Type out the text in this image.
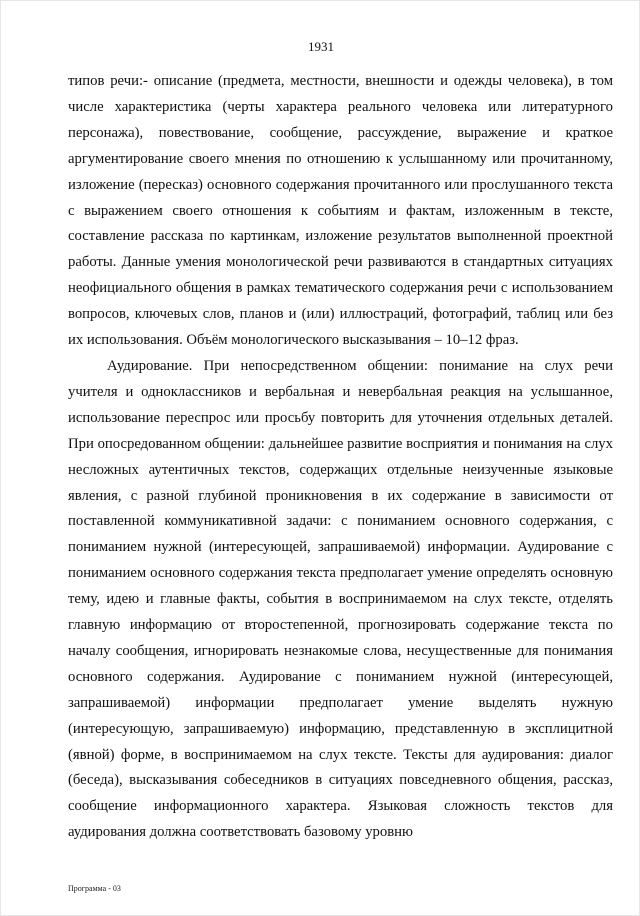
1931

типов речи:- описание (предмета, местности, внешности и одежды человека), в том числе характеристика (черты характера реального человека или литературного персонажа), повествование, сообщение, рассуждение, выражение и краткое аргументирование своего мнения по отношению к услышанному или прочитанному, изложение (пересказ) основного содержания прочитанного или прослушанного текста с выражением своего отношения к событиям и фактам, изложенным в тексте, составление рассказа по картинкам, изложение результатов выполненной проектной работы. Данные умения монологической речи развиваются в стандартных ситуациях неофициального общения в рамках тематического содержания речи с использованием вопросов, ключевых слов, планов и (или) иллюстраций, фотографий, таблиц или без их использования. Объём монологического высказывания – 10–12 фраз.

Аудирование. При непосредственном общении: понимание на слух речи учителя и одноклассников и вербальная и невербальная реакция на услышанное, использование переспрос или просьбу повторить для уточнения отдельных деталей. При опосредованном общении: дальнейшее развитие восприятия и понимания на слух несложных аутентичных текстов, содержащих отдельные неизученные языковые явления, с разной глубиной проникновения в их содержание в зависимости от поставленной коммуникативной задачи: с пониманием основного содержания, с пониманием нужной (интересующей, запрашиваемой) информации. Аудирование с пониманием основного содержания текста предполагает умение определять основную тему, идею и главные факты, события в воспринимаемом на слух тексте, отделять главную информацию от второстепенной, прогнозировать содержание текста по началу сообщения, игнорировать незнакомые слова, несущественные для понимания основного содержания. Аудирование с пониманием нужной (интересующей, запрашиваемой) информации предполагает умение выделять нужную (интересующую, запрашиваемую) информацию, представленную в эксплицитной (явной) форме, в воспринимаемом на слух тексте. Тексты для аудирования: диалог (беседа), высказывания собеседников в ситуациях повседневного общения, рассказ, сообщение информационного характера. Языковая сложность текстов для аудирования должна соответствовать базовому уровню

Программа - 03
